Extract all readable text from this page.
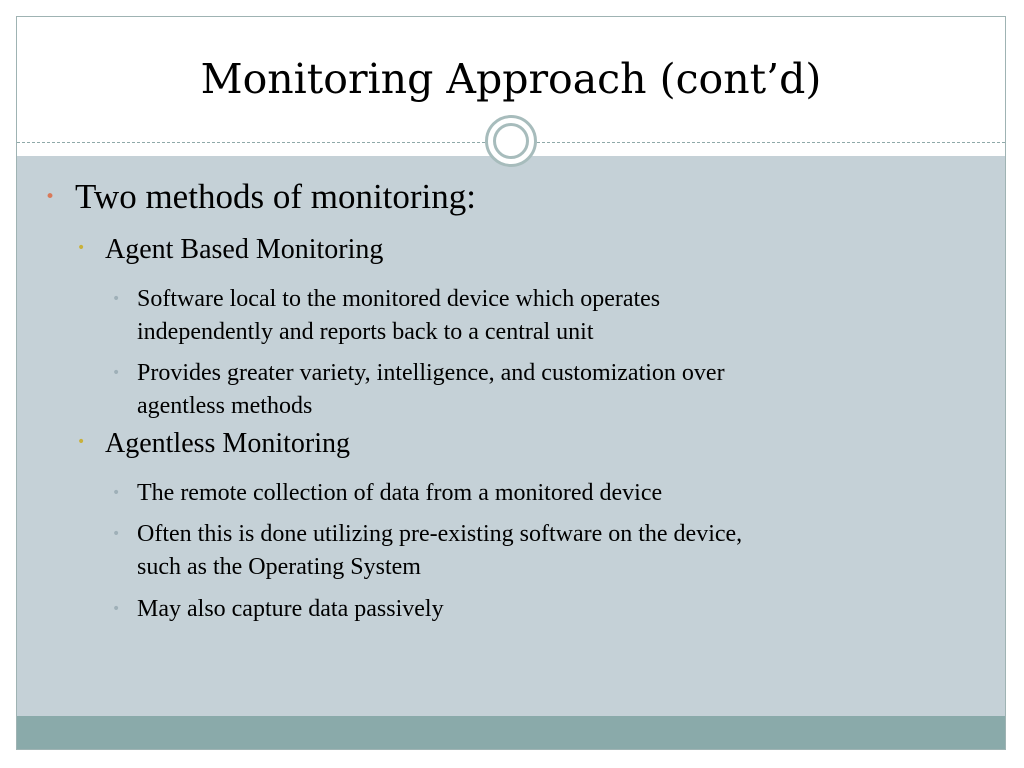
Monitoring Approach (cont’d)
• Two methods of monitoring:
• Agent Based Monitoring
• Software local to the monitored device which operates
independently and reports back to a central unit
• Provides greater variety, intelligence, and customization over
agentless methods
• Agentless Monitoring
• The remote collection of data from a monitored device
• Often this is done utilizing pre-existing software on the device,
such as the Operating System
• May also capture data passively
